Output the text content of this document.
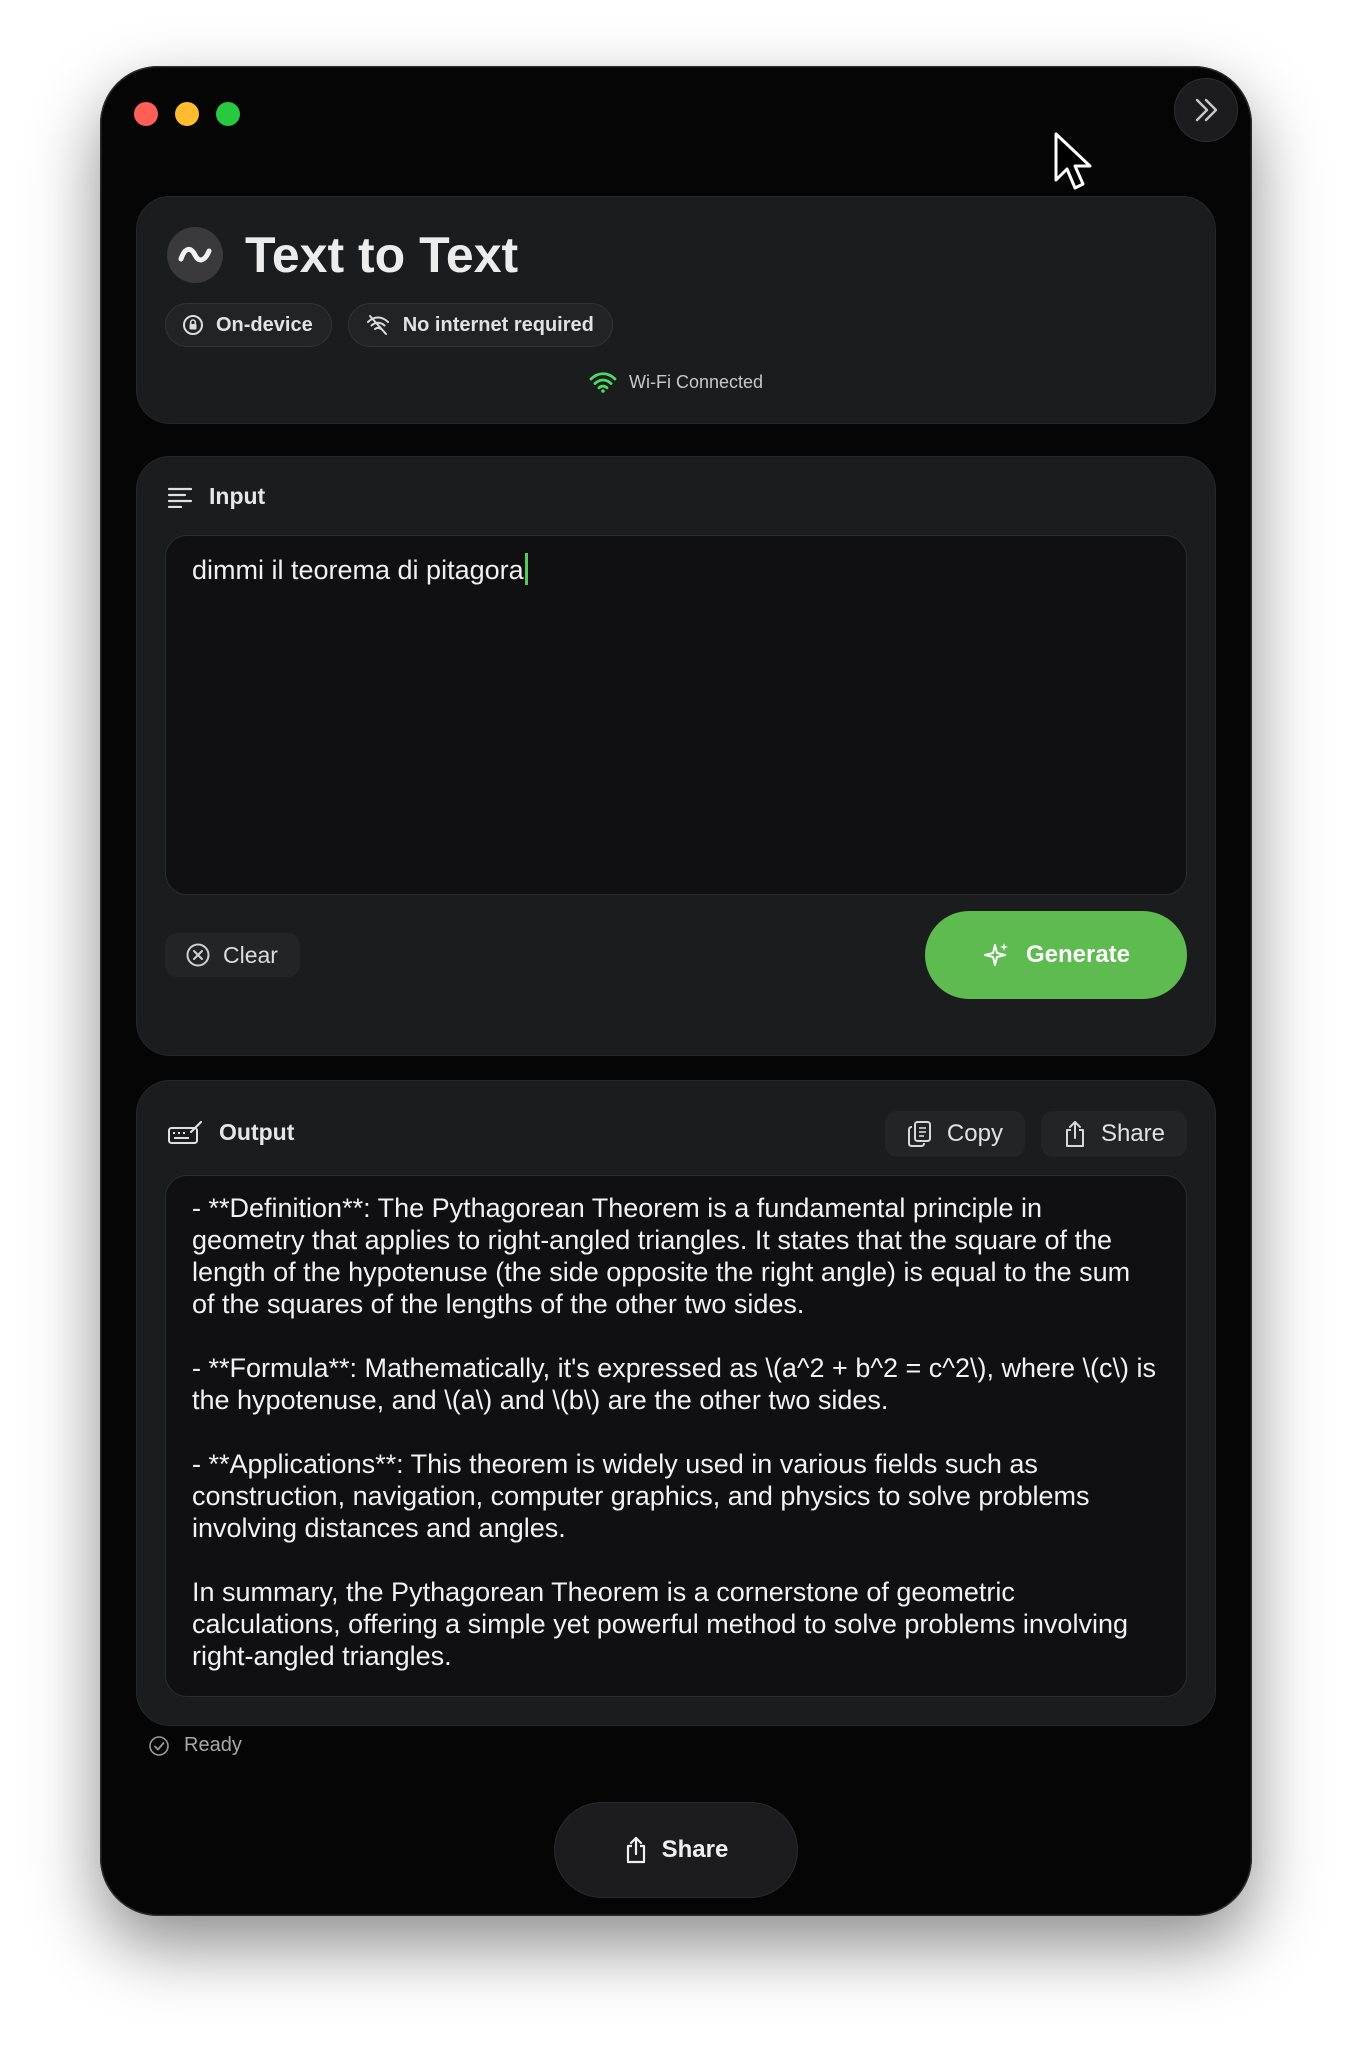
Text to Text
On-device	No internet required
Wi-Fi Connected
Input
dimmi il teorema di pitagora
Clear	Generate
Output	Copy	Share

- **Definition**: The Pythagorean Theorem is a fundamental principle in geometry that applies to right-angled triangles. It states that the square of the length of the hypotenuse (the side opposite the right angle) is equal to the sum of the squares of the lengths of the other two sides.

- **Formula**: Mathematically, it's expressed as \(a^2 + b^2 = c^2\), where \(c\) is the hypotenuse, and \(a\) and \(b\) are the other two sides.

- **Applications**: This theorem is widely used in various fields such as construction, navigation, computer graphics, and physics to solve problems involving distances and angles.

In summary, the Pythagorean Theorem is a cornerstone of geometric calculations, offering a simple yet powerful method to solve problems involving right-angled triangles.

Ready
Share
